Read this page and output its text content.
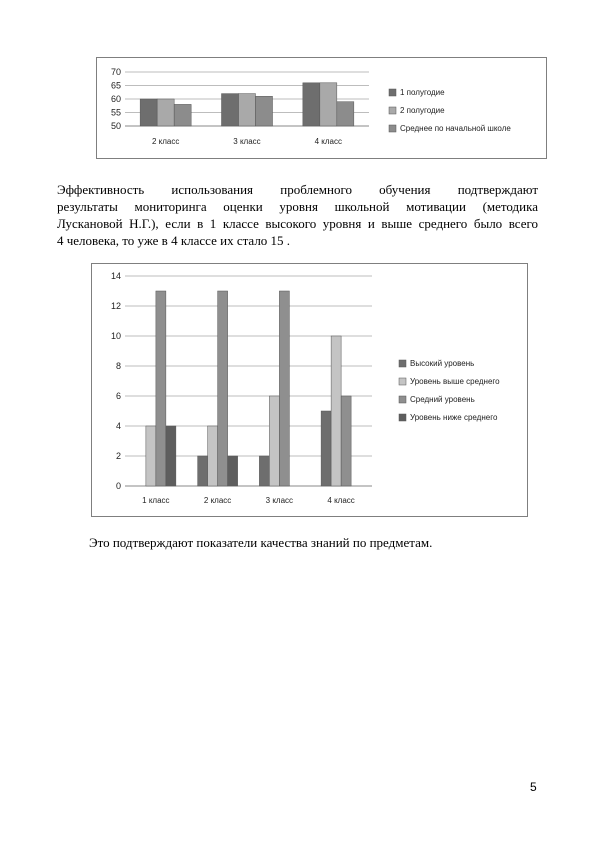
50
55
60
65
70
2 класс	3 класс	4 класс
1 полугодие
2 полугодие
Среднее по начальной школе

Эффективность использования проблемного обучения подтверждают
результаты мониторинга оценки уровня школьной мотивации (методика
Лускановой Н.Г.), если в 1 классе высокого уровня и выше среднего было всего
4 человека, то уже в 4 классе их стало 15 .

0
2
4
6
8
10
12
14
1 класс	2 класс	3 класс	4 класс
Высокий уровень
Уровень выше среднего
Средний уровень
Уровень ниже среднего

Это подтверждают показатели качества знаний по предметам.

5
